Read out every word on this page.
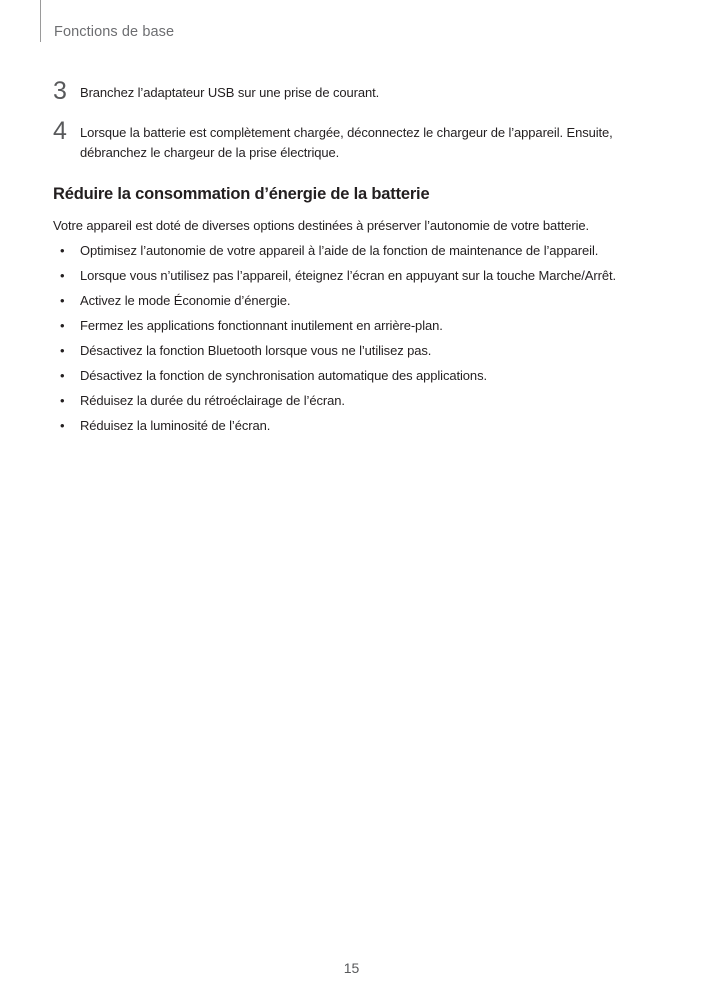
Fonctions de base
3 Branchez l’adaptateur USB sur une prise de courant.
4 Lorsque la batterie est complètement chargée, déconnectez le chargeur de l’appareil. Ensuite, débranchez le chargeur de la prise électrique.
Réduire la consommation d’énergie de la batterie
Votre appareil est doté de diverses options destinées à préserver l’autonomie de votre batterie.
• Optimisez l’autonomie de votre appareil à l’aide de la fonction de maintenance de l’appareil.
• Lorsque vous n’utilisez pas l’appareil, éteignez l’écran en appuyant sur la touche Marche/Arrêt.
• Activez le mode Économie d’énergie.
• Fermez les applications fonctionnant inutilement en arrière-plan.
• Désactivez la fonction Bluetooth lorsque vous ne l’utilisez pas.
• Désactivez la fonction de synchronisation automatique des applications.
• Réduisez la durée du rétroéclairage de l’écran.
• Réduisez la luminosité de l’écran.
15
